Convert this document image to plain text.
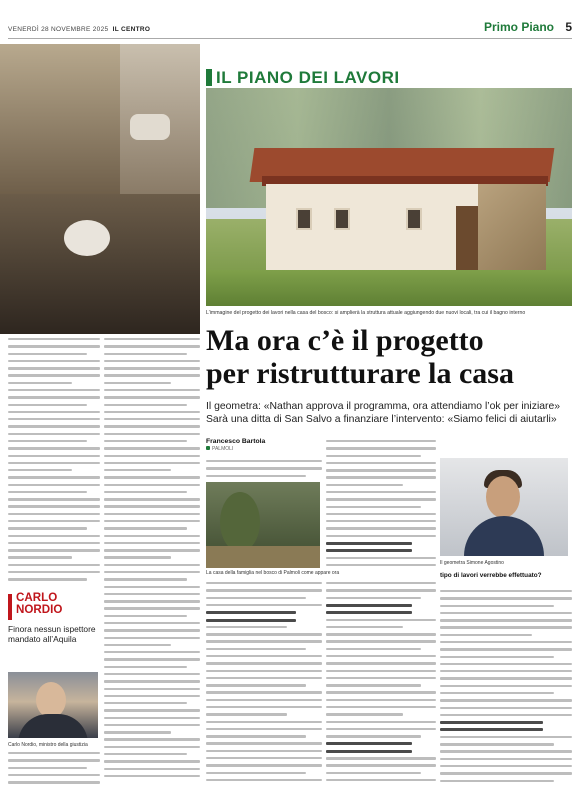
VENERDÌ 28 NOVEMBRE 2025 IL CENTRO	Primo Piano 5
IL PIANO DEI LAVORI
L’immagine del progetto dei lavori nella casa del bosco: si amplierà la struttura attuale aggiungendo due nuovi locali, tra cui il bagno interno
Ma ora c’è il progetto
per ristrutturare la casa
Il geometra: «Nathan approva il programma, ora attendiamo l’ok per iniziare» Sarà una ditta di San Salvo a finanziare l’intervento: «Siamo felici di aiutarli»
Francesco Bartola
PALMOLI
La casa della famiglia nel bosco di Palmoli come appare ora
Il geometra Simone Agostino
tipo di lavori verrebbe effettuato?
CARLO
NORDIO
Finora nessun ispettore mandato all’Aquila
Carlo Nordio, ministro della giustizia
